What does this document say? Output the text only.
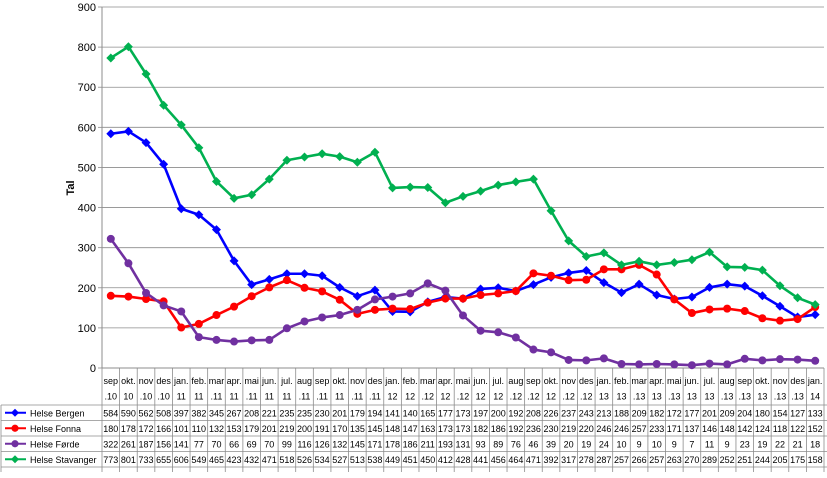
Tal
0
100
200
300
400
500
600
700
800
900
sep
.10
okt.
10
nov
.10
des
.10
jan.
11
feb.
11
mar
.11
apr.
11
mai
.11
jun.
11
jul.
11
aug
.11
sep
.11
okt.
11
nov
.11
des
.11
jan.
12
feb.
12
mar
.12
apr.
12
mai
.12
jun.
12
jul.
12
aug
.12
sep
.12
okt.
12
nov
.12
des
.12
jan.
13
feb.
13
mar
.13
apr.
13
mai
.13
jun.
13
jul.
13
aug
.13
sep
.13
okt.
13
nov
.13
des
.13
jan.
14
Helse Bergen 584 590 562 508 397 382 345 267 208 221 235 235 230 201 179 194 141 140 165 177 173 197 200 192 208 226 237 243 213 188 209 182 172 177 201 209 204 180 154 127 133
Helse Fonna 180 178 172 166 101 110 132 153 179 201 219 200 191 170 135 145 148 147 163 173 173 182 186 192 236 230 219 220 246 246 257 233 171 137 146 148 142 124 118 122 152
Helse Førde	322 261 187 156 141 77 70 66 69 70 99 116 126 132 145 171 178 186 211 193 131 93 89 76 46 39 20 19 24 10 9 10 9 7 11 9 23 19 22 21 18
Helse Stavanger 773 801 733 655 606 549 465 423 432 471 518 526 534 527 513 538 449 451 450 412 428 441 456 464 471 392 317 278 287 257 266 257 263 270 289 252 251 244 205 175 158
